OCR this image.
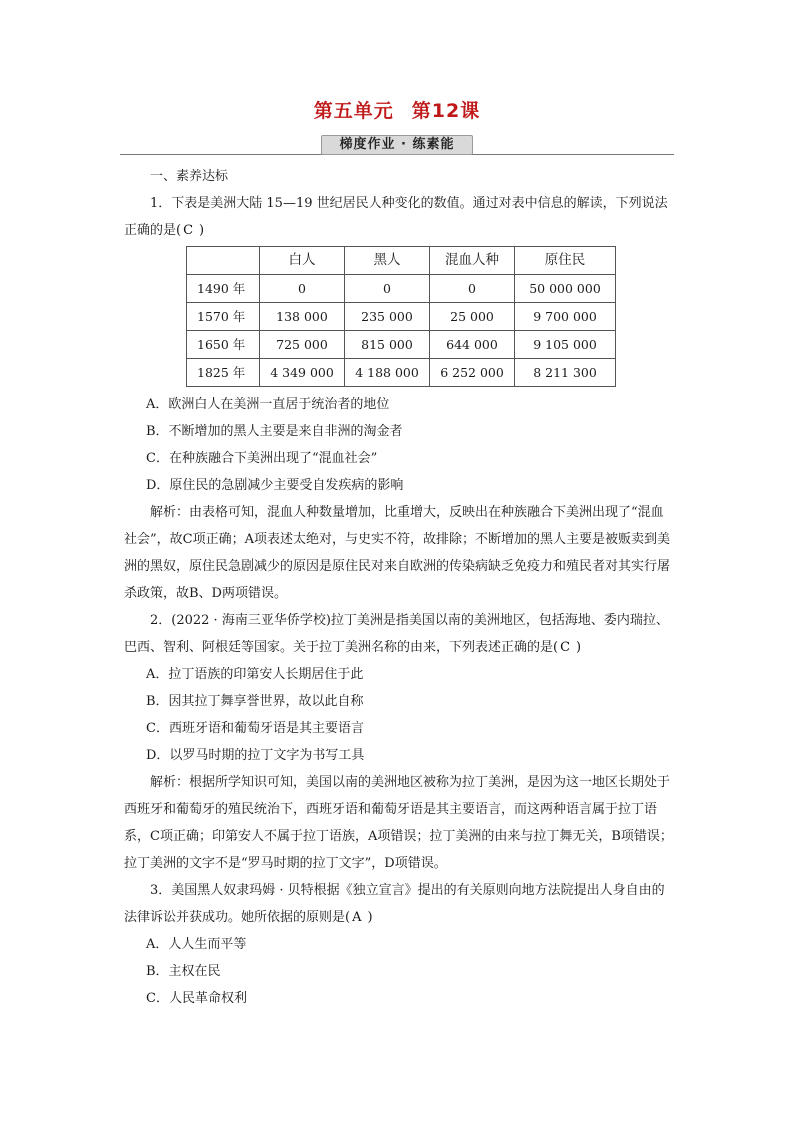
第五单元 第12课
梯度作业 · 练素能

一、素养达标

1．下表是美洲大陆 15—19 世纪居民人种变化的数值。通过对表中信息的解读，下列说法正确的是( C )

	白人	黑人	混血人种	原住民
1490 年	0	0	0	50 000 000
1570 年	138 000	235 000	25 000	9 700 000
1650 年	725 000	815 000	644 000	9 105 000
1825 年	4 349 000	4 188 000	6 252 000	8 211 300

A．欧洲白人在美洲一直居于统治者的地位

B．不断增加的黑人主要是来自非洲的淘金者

C．在种族融合下美洲出现了“混血社会”

D．原住民的急剧减少主要受自发疾病的影响

解析：由表格可知，混血人种数量增加，比重增大，反映出在种族融合下美洲出现了“混血社会”，故C项正确；A项表述太绝对，与史实不符，故排除；不断增加的黑人主要是被贩卖到美洲的黑奴，原住民急剧减少的原因是原住民对来自欧洲的传染病缺乏免疫力和殖民者对其实行屠杀政策，故B、D两项错误。

2．(2022 · 海南三亚华侨学校)拉丁美洲是指美国以南的美洲地区，包括海地、委内瑞拉、巴西、智利、阿根廷等国家。关于拉丁美洲名称的由来，下列表述正确的是( C )

A．拉丁语族的印第安人长期居住于此

B．因其拉丁舞享誉世界，故以此自称

C．西班牙语和葡萄牙语是其主要语言

D．以罗马时期的拉丁文字为书写工具

解析：根据所学知识可知，美国以南的美洲地区被称为拉丁美洲，是因为这一地区长期处于西班牙和葡萄牙的殖民统治下，西班牙语和葡萄牙语是其主要语言，而这两种语言属于拉丁语系，C项正确；印第安人不属于拉丁语族，A项错误；拉丁美洲的由来与拉丁舞无关，B项错误；拉丁美洲的文字不是“罗马时期的拉丁文字”，D项错误。

3．美国黑人奴隶玛姆 · 贝特根据《独立宣言》提出的有关原则向地方法院提出人身自由的法律诉讼并获成功。她所依据的原则是( A )

A．人人生而平等

B．主权在民

C．人民革命权利
